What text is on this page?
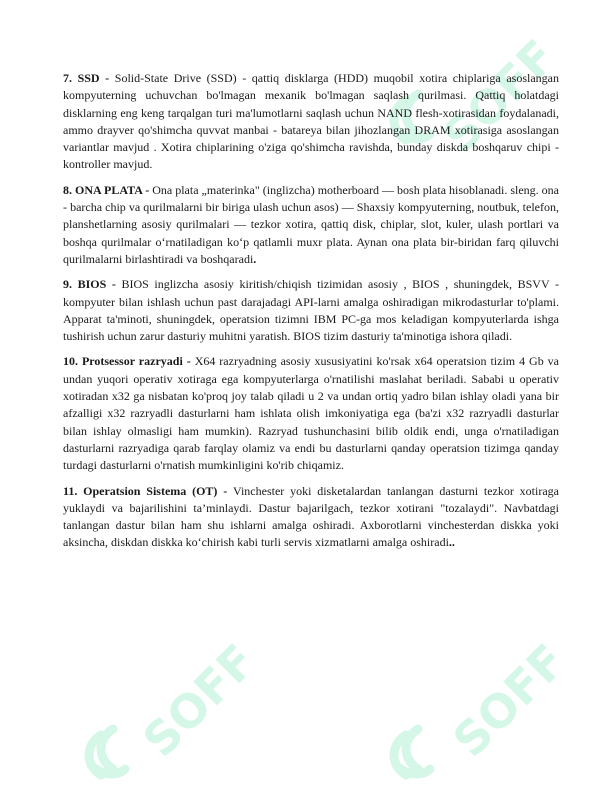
SOFF
SOFF	SOFF

7. SSD - Solid-State Drive (SSD) - qattiq disklarga (HDD) muqobil xotira chiplariga asoslangan kompyuterning uchuvchan bo'lmagan mexanik bo'lmagan saqlash qurilmasi. Qattiq holatdagi disklarning eng keng tarqalgan turi ma'lumotlarni saqlash uchun NAND flesh-xotirasidan foydalanadi, ammo drayver qo'shimcha quvvat manbai - batareya bilan jihozlangan DRAM xotirasiga asoslangan variantlar mavjud . Xotira chiplarining o'ziga qo'shimcha ravishda, bunday diskda boshqaruv chipi - kontroller mavjud.

8. ONA PLATA - Ona plata „materinka" (inglizcha) motherboard — bosh plata hisoblanadi. sleng. ona - barcha chip va qurilmalarni bir biriga ulash uchun asos) — Shaxsiy kompyuterning, noutbuk, telefon, planshetlarning asosiy qurilmalari — tezkor xotira, qattiq disk, chiplar, slot, kuler, ulash portlari va boshqa qurilmalar oʻrnatiladigan koʻp qatlamli muxr plata. Aynan ona plata bir-biridan farq qiluvchi qurilmalarni birlashtiradi va boshqaradi.

9. BIOS - BIOS inglizcha asosiy kiritish/chiqish tizimidan asosiy , BIOS , shuningdek, BSVV - kompyuter bilan ishlash uchun past darajadagi API-larni amalga oshiradigan mikrodasturlar to'plami. Apparat ta'minoti, shuningdek, operatsion tizimni IBM PC-ga mos keladigan kompyuterlarda ishga tushirish uchun zarur dasturiy muhitni yaratish. BIOS tizim dasturiy ta'minotiga ishora qiladi.

10. Protsessor razryadi - X64 razryadning asosiy xususiyatini ko'rsak x64 operatsion tizim 4 Gb va undan yuqori operativ xotiraga ega kompyuterlarga o'rnatilishi maslahat beriladi. Sababi u operativ xotiradan x32 ga nisbatan ko'proq joy talab qiladi u 2 va undan ortiq yadro bilan ishlay oladi yana bir afzalligi x32 razryadli dasturlarni ham ishlata olish imkoniyatiga ega (ba'zi x32 razryadli dasturlar bilan ishlay olmasligi ham mumkin). Razryad tushunchasini bilib oldik endi, unga o'rnatiladigan dasturlarni razryadiga qarab farqlay olamiz va endi bu dasturlarni qanday operatsion tizimga qanday turdagi dasturlarni o'rnatish mumkinligini ko'rib chiqamiz.

11. Operatsion Sistema (OT) - Vinchester yoki disketalardan tanlangan dasturni tezkor xotiraga yuklaydi va bajarilishini ta’minlaydi. Dastur bajarilgach, tezkor xotirani "tozalaydi". Navbatdagi tanlangan dastur bilan ham shu ishlarni amalga oshiradi. Axborotlarni vinchesterdan diskka yoki aksincha, diskdan diskka koʻchirish kabi turli servis xizmatlarni amalga oshiradi..
